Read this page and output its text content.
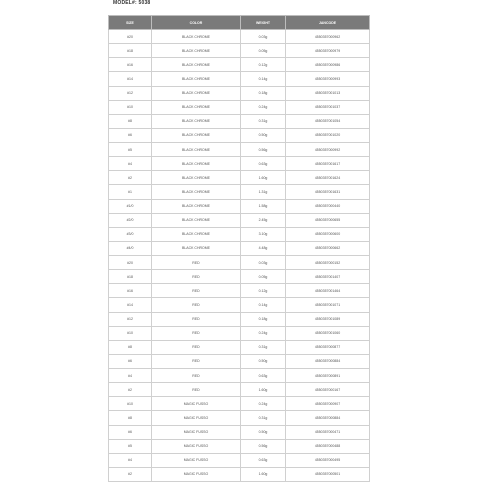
MODEL#: 5038
SIZE	COLOR	WEIGHT	JANCODE
#20	BLACK CHROME	0.03g	4550357000962
#18	BLACK CHROME	0.05g	4550357000979
#16	BLACK CHROME	0.12g	4550357000986
#14	BLACK CHROME	0.14g	4550357000993
#12	BLACK CHROME	0.18g	4550357001013
#10	BLACK CHROME	0.24g	4550357001037
#8	BLACK CHROME	0.31g	4550357001054
#6	BLACK CHROME	0.50g	4550357001020
#5	BLACK CHROME	0.56g	4550357000992
#4	BLACK CHROME	0.63g	4550357001617
#2	BLACK CHROME	1.60g	4550357001624
#1	BLACK CHROME	1.31g	4550357001631
#1/0	BLACK CHROME	1.58g	4550357000440
#2/0	BLACK CHROME	2.45g	4550357000655
#3/0	BLACK CHROME	3.10g	4550357000600
#4/0	BLACK CHROME	4.48g	4550357000662
#20	RED	0.03g	4550357000152
#18	RED	0.05g	4550357001407
#16	RED	0.12g	4550357001464
#14	RED	0.14g	4550357001071
#12	RED	0.18g	4550357001089
#10	RED	0.24g	4550357001060
#8	RED	0.31g	4550357000877
#6	RED	0.50g	4550357000884
#4	RED	0.63g	4550357000891
#2	RED	1.60g	4550357000167
#10	MAGIC FUSSO	0.24g	4550357000907
#8	MAGIC FUSSO	0.31g	4550357000884
#6	MAGIC FUSSO	0.50g	4550357000471
#5	MAGIC FUSSO	0.56g	4550357000488
#4	MAGIC FUSSO	0.63g	4550357000495
#2	MAGIC FUSSO	1.60g	4550357000501
